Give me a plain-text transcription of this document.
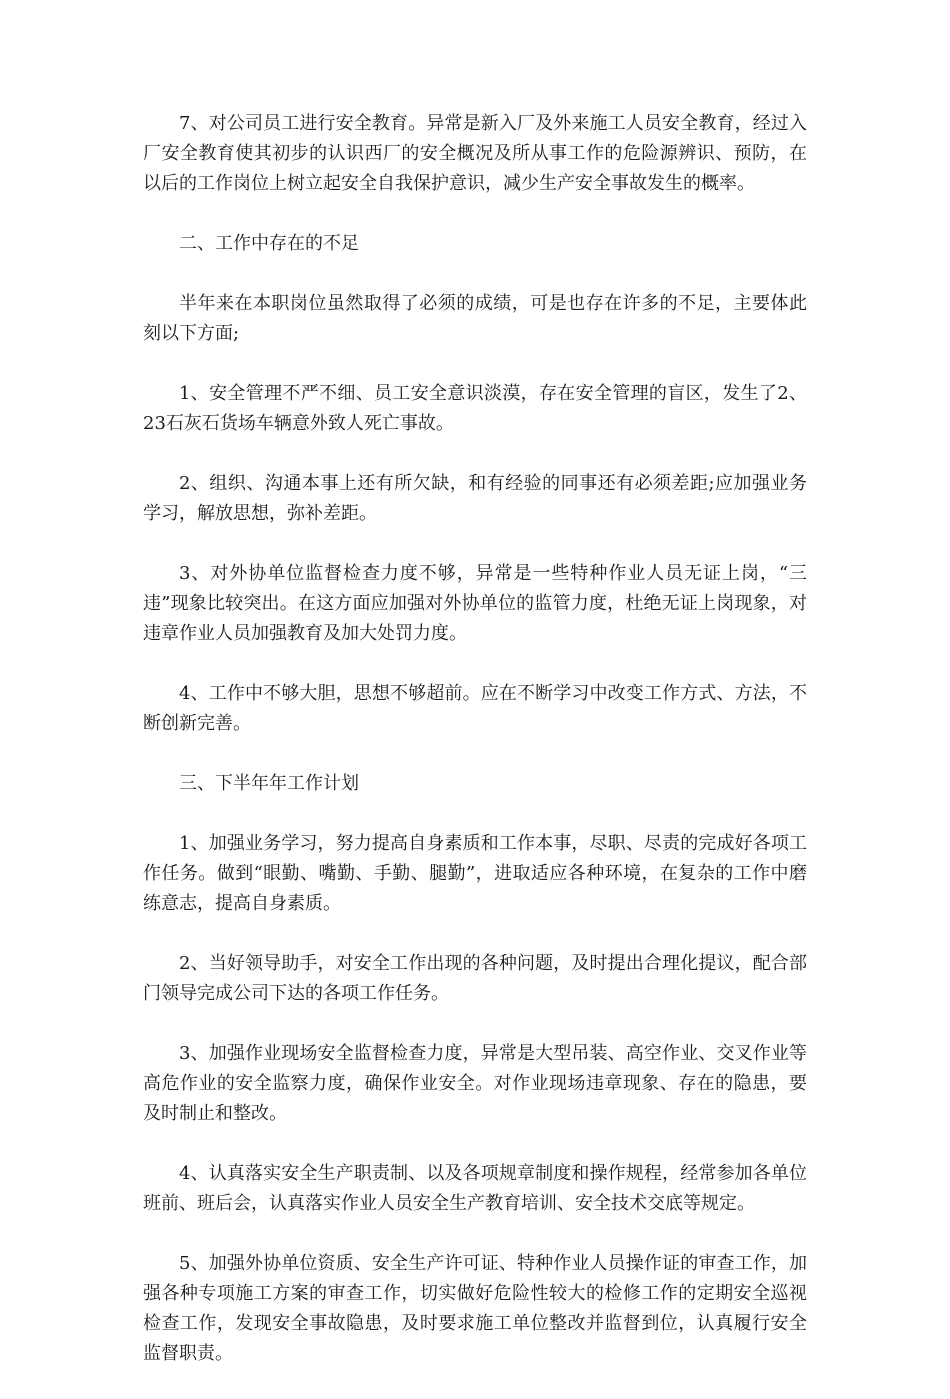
7、对公司员工进行安全教育。异常是新入厂及外来施工人员安全教育，经过入厂安全教育使其初步的认识西厂的安全概况及所从事工作的危险源辨识、预防，在以后的工作岗位上树立起安全自我保护意识，减少生产安全事故发生的概率。

二、工作中存在的不足

半年来在本职岗位虽然取得了必须的成绩，可是也存在许多的不足，主要体此刻以下方面;

1、安全管理不严不细、员工安全意识淡漠，存在安全管理的盲区，发生了2、23石灰石货场车辆意外致人死亡事故。

2、组织、沟通本事上还有所欠缺，和有经验的同事还有必须差距;应加强业务学习，解放思想，弥补差距。

3、对外协单位监督检查力度不够，异常是一些特种作业人员无证上岗，“三违”现象比较突出。在这方面应加强对外协单位的监管力度，杜绝无证上岗现象，对违章作业人员加强教育及加大处罚力度。

4、工作中不够大胆，思想不够超前。应在不断学习中改变工作方式、方法，不断创新完善。

三、下半年年工作计划

1、加强业务学习，努力提高自身素质和工作本事，尽职、尽责的完成好各项工作任务。做到“眼勤、嘴勤、手勤、腿勤”，进取适应各种环境，在复杂的工作中磨练意志，提高自身素质。

2、当好领导助手，对安全工作出现的各种问题，及时提出合理化提议，配合部门领导完成公司下达的各项工作任务。

3、加强作业现场安全监督检查力度，异常是大型吊装、高空作业、交叉作业等高危作业的安全监察力度，确保作业安全。对作业现场违章现象、存在的隐患，要及时制止和整改。

4、认真落实安全生产职责制、以及各项规章制度和操作规程，经常参加各单位班前、班后会，认真落实作业人员安全生产教育培训、安全技术交底等规定。

5、加强外协单位资质、安全生产许可证、特种作业人员操作证的审查工作，加强各种专项施工方案的审查工作，切实做好危险性较大的检修工作的定期安全巡视检查工作，发现安全事故隐患，及时要求施工单位整改并监督到位，认真履行安全监督职责。
